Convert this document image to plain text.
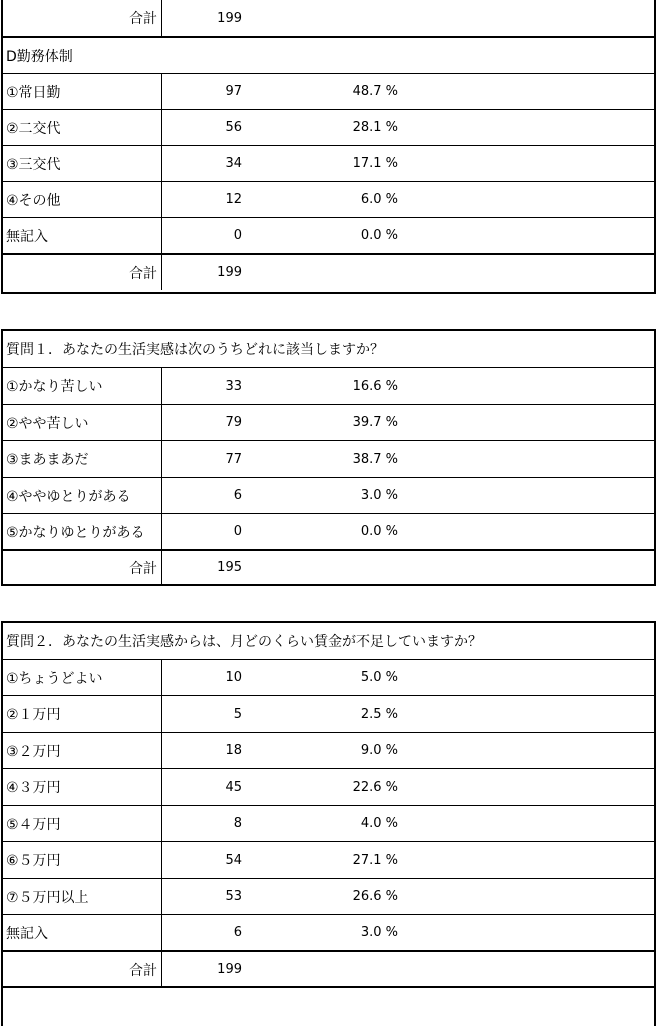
合計	199
D勤務体制
①常日勤	97	48.7 %
②二交代	56	28.1 %
③三交代	34	17.1 %
④その他	12	6.0 %
無記入	0	0.0 %
合計	199
質問１．あなたの生活実感は次のうちどれに該当しますか？
①かなり苦しい	33	16.6 %
②やや苦しい	79	39.7 %
③まあまあだ	77	38.7 %
④ややゆとりがある	6	3.0 %
⑤かなりゆとりがある	0	0.0 %
合計	195
質問２．あなたの生活実感からは、月どのくらい賃金が不足していますか？
①ちょうどよい	10	5.0 %
②１万円	5	2.5 %
③２万円	18	9.0 %
④３万円	45	22.6 %
⑤４万円	8	4.0 %
⑥５万円	54	27.1 %
⑦５万円以上	53	26.6 %
無記入	6	3.0 %
合計	199
